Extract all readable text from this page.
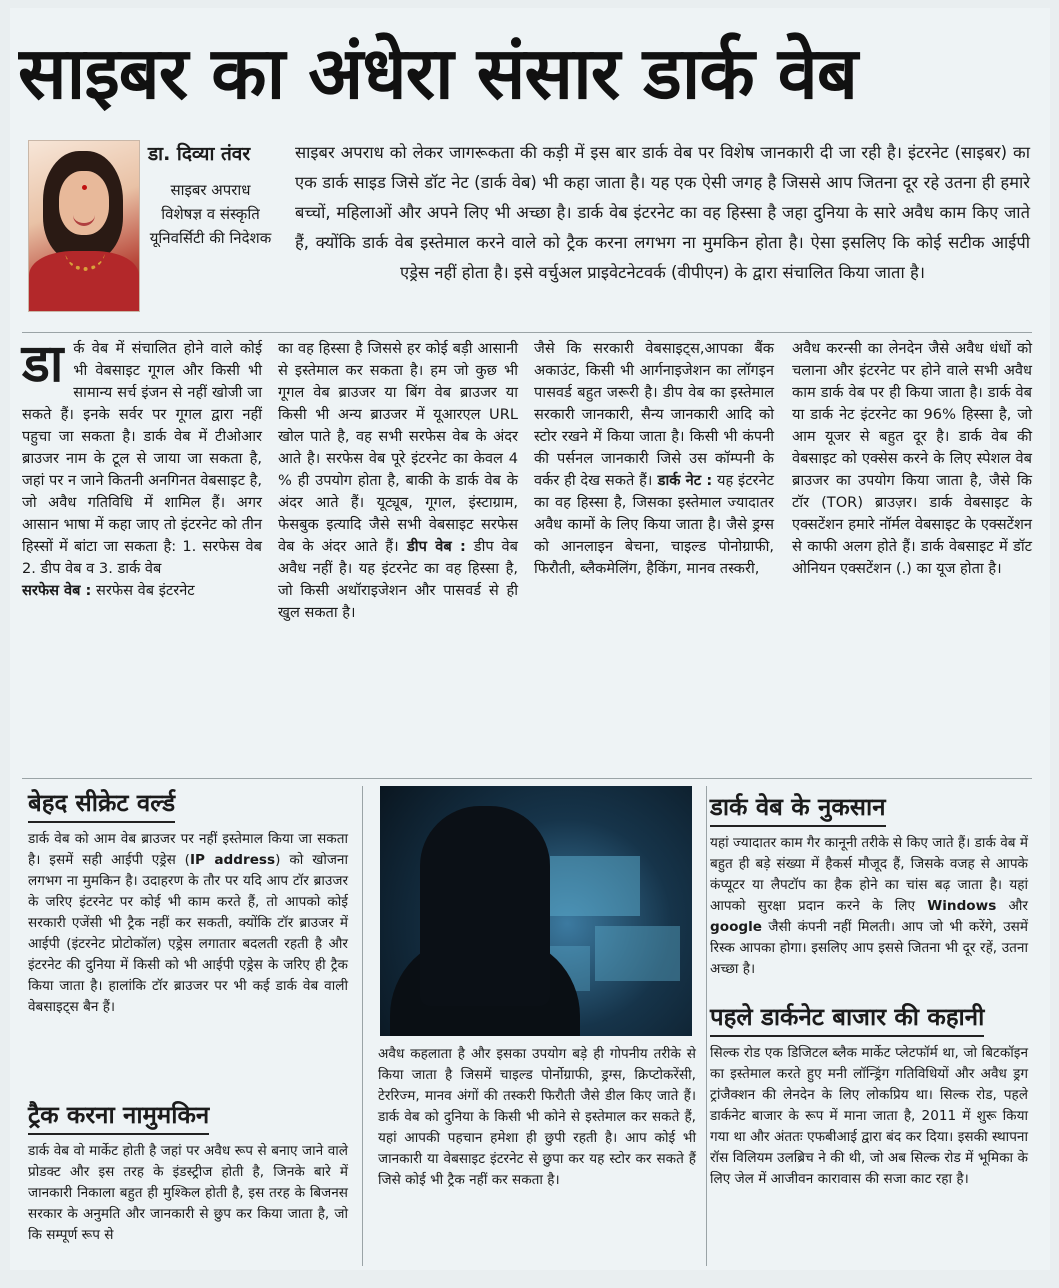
साइबर का अंधेरा संसार डार्क वेब
डा. दिव्या तंवर
साइबर अपराध विशेषज्ञ व संस्कृति यूनिवर्सिटी की निदेशक
साइबर अपराध को लेकर जागरूकता की कड़ी में इस बार डार्क वेब पर विशेष जानकारी दी जा रही है। इंटरनेट (साइबर) का एक डार्क साइड जिसे डॉट नेट (डार्क वेब) भी कहा जाता है। यह एक ऐसी जगह है जिससे आप जितना दूर रहे उतना ही हमारे बच्चों, महिलाओं और अपने लिए भी अच्छा है। डार्क वेब इंटरनेट का वह हिस्सा है जहा दुनिया के सारे अवैध काम किए जाते हैं, क्योंकि डार्क वेब इस्तेमाल करने वाले को ट्रैक करना लगभग ना मुमकिन होता है। ऐसा इसलिए कि कोई सटीक आईपी एड्रेस नहीं होता है। इसे वर्चुअल प्राइवेटनेटवर्क (वीपीएन) के द्वारा संचालित किया जाता है।
डार्क वेब में संचालित होने वाले कोई भी वेबसाइट गूगल और किसी भी सामान्य सर्च इंजन से नहीं खोजी जा सकते हैं। इनके सर्वर पर गूगल द्वारा नहीं पहुचा जा सकता है। डार्क वेब में टीओआर ब्राउजर नाम के टूल से जाया जा सकता है, जहां पर न जाने कितनी अनगिनत वेबसाइट है, जो अवैध गतिविधि में शामिल हैं। अगर आसान भाषा में कहा जाए तो इंटरनेट को तीन हिस्सों में बांटा जा सकता है: 1. सरफेस वेब 2. डीप वेब व 3. डार्क वेब
सरफेस वेब : सरफेस वेब इंटरनेट
का वह हिस्सा है जिससे हर कोई बड़ी आसानी से इस्तेमाल कर सकता है। हम जो कुछ भी गूगल वेब ब्राउजर या बिंग वेब ब्राउजर या किसी भी अन्य ब्राउजर में यूआरएल URL खोल पाते है, वह सभी सरफेस वेब के अंदर आते है। सरफेस वेब पूरे इंटरनेट का केवल 4 % ही उपयोग होता है, बाकी के डार्क वेब के अंदर आते हैं। यूट्यूब, गूगल, इंस्टाग्राम, फेसबुक इत्यादि जैसे सभी वेबसाइट सरफेस वेब के अंदर आते हैं। डीप वेब : डीप वेब अवैध नहीं है। यह इंटरनेट का वह हिस्सा है, जो किसी अथॉराइजेशन और पासवर्ड से ही खुल सकता है।
जैसे कि सरकारी वेबसाइट्स,आपका बैंक अकाउंट, किसी भी आर्गनाइजेशन का लॉगइन पासवर्ड बहुत जरूरी है। डीप वेब का इस्तेमाल सरकारी जानकारी, सैन्य जानकारी आदि को स्टोर रखने में किया जाता है। किसी भी कंपनी की पर्सनल जानकारी जिसे उस कॉम्पनी के वर्कर ही देख सकते हैं। डार्क नेट : यह इंटरनेट का वह हिस्सा है, जिसका इस्तेमाल ज्यादातर अवैध कामों के लिए किया जाता है। जैसे ड्रग्स को आनलाइन बेचना, चाइल्ड पोनोग्राफी, फिरौती, ब्लैकमेलिंग, हैकिंग, मानव तस्करी,
अवैध करन्सी का लेनदेन जैसे अवैध धंधों को चलाना और इंटरनेट पर होने वाले सभी अवैध काम डार्क वेब पर ही किया जाता है। डार्क वेब या डार्क नेट इंटरनेट का 96% हिस्सा है, जो आम यूजर से बहुत दूर है। डार्क वेब की वेबसाइट को एक्सेस करने के लिए स्पेशल वेब ब्राउजर का उपयोग किया जाता है, जैसे कि टॉर (TOR) ब्राउज़र। डार्क वेबसाइट के एक्सटेंशन हमारे नॉर्मल वेबसाइट के एक्सटेंशन से काफी अलग होते हैं। डार्क वेबसाइट में डॉट ओनियन एक्सटेंशन (.) का यूज होता है।
बेहद सीक्रेट वर्ल्ड
डार्क वेब को आम वेब ब्राउजर पर नहीं इस्तेमाल किया जा सकता है। इसमें सही आईपी एड्रेस (IP address) को खोजना लगभग ना मुमकिन है। उदाहरण के तौर पर यदि आप टॉर ब्राउजर के जरिए इंटरनेट पर कोई भी काम करते हैं, तो आपको कोई सरकारी एजेंसी भी ट्रैक नहीं कर सकती, क्योंकि टॉर ब्राउजर में आईपी (इंटरनेट प्रोटोकॉल) एड्रेस लगातार बदलती रहती है और इंटरनेट की दुनिया में किसी को भी आईपी एड्रेस के जरिए ही ट्रैक किया जाता है। हालांकि टॉर ब्राउजर पर भी कई डार्क वेब वाली वेबसाइट्स बैन हैं।
ट्रैक करना नामुमकिन
डार्क वेब वो मार्केट होती है जहां पर अवैध रूप से बनाए जाने वाले प्रोडक्ट और इस तरह के इंडस्ट्रीज होती है, जिनके बारे में जानकारी निकाला बहुत ही मुश्किल होती है, इस तरह के बिजनस सरकार के अनुमति और जानकारी से छुप कर किया जाता है, जो कि सम्पूर्ण रूप से
अवैध कहलाता है और इसका उपयोग बड़े ही गोपनीय तरीके से किया जाता है जिसमें चाइल्ड पोर्नोग्राफी, ड्रग्स, क्रिप्टोकरेंसी, टेररिज्म, मानव अंगों की तस्करी फिरौती जैसे डील किए जाते हैं। डार्क वेब को दुनिया के किसी भी कोने से इस्तेमाल कर सकते हैं, यहां आपकी पहचान हमेशा ही छुपी रहती है। आप कोई भी जानकारी या वेबसाइट इंटरनेट से छुपा कर यह स्टोर कर सकते हैं जिसे कोई भी ट्रैक नहीं कर सकता है।
डार्क वेब के नुकसान
यहां ज्यादातर काम गैर कानूनी तरीके से किए जाते हैं। डार्क वेब में बहुत ही बड़े संख्या में हैकर्स मौजूद हैं, जिसके वजह से आपके कंप्यूटर या लैपटॉप का हैक होने का चांस बढ़ जाता है। यहां आपको सुरक्षा प्रदान करने के लिए Windows और google जैसी कंपनी नहीं मिलती। आप जो भी करेंगे, उसमें रिस्क आपका होगा। इसलिए आप इससे जितना भी दूर रहें, उतना अच्छा है।
पहले डार्कनेट बाजार की कहानी
सिल्क रोड एक डिजिटल ब्लैक मार्केट प्लेटफॉर्म था, जो बिटकॉइन का इस्तेमाल करते हुए मनी लॉन्ड्रिंग गतिविधियों और अवैध ड्रग ट्रांजैक्शन की लेनदेन के लिए लोकप्रिय था। सिल्क रोड, पहले डार्कनेट बाजार के रूप में माना जाता है, 2011 में शुरू किया गया था और अंततः एफबीआई द्वारा बंद कर दिया। इसकी स्थापना रॉस विलियम उलब्रिच ने की थी, जो अब सिल्क रोड में भूमिका के लिए जेल में आजीवन कारावास की सजा काट रहा है।
